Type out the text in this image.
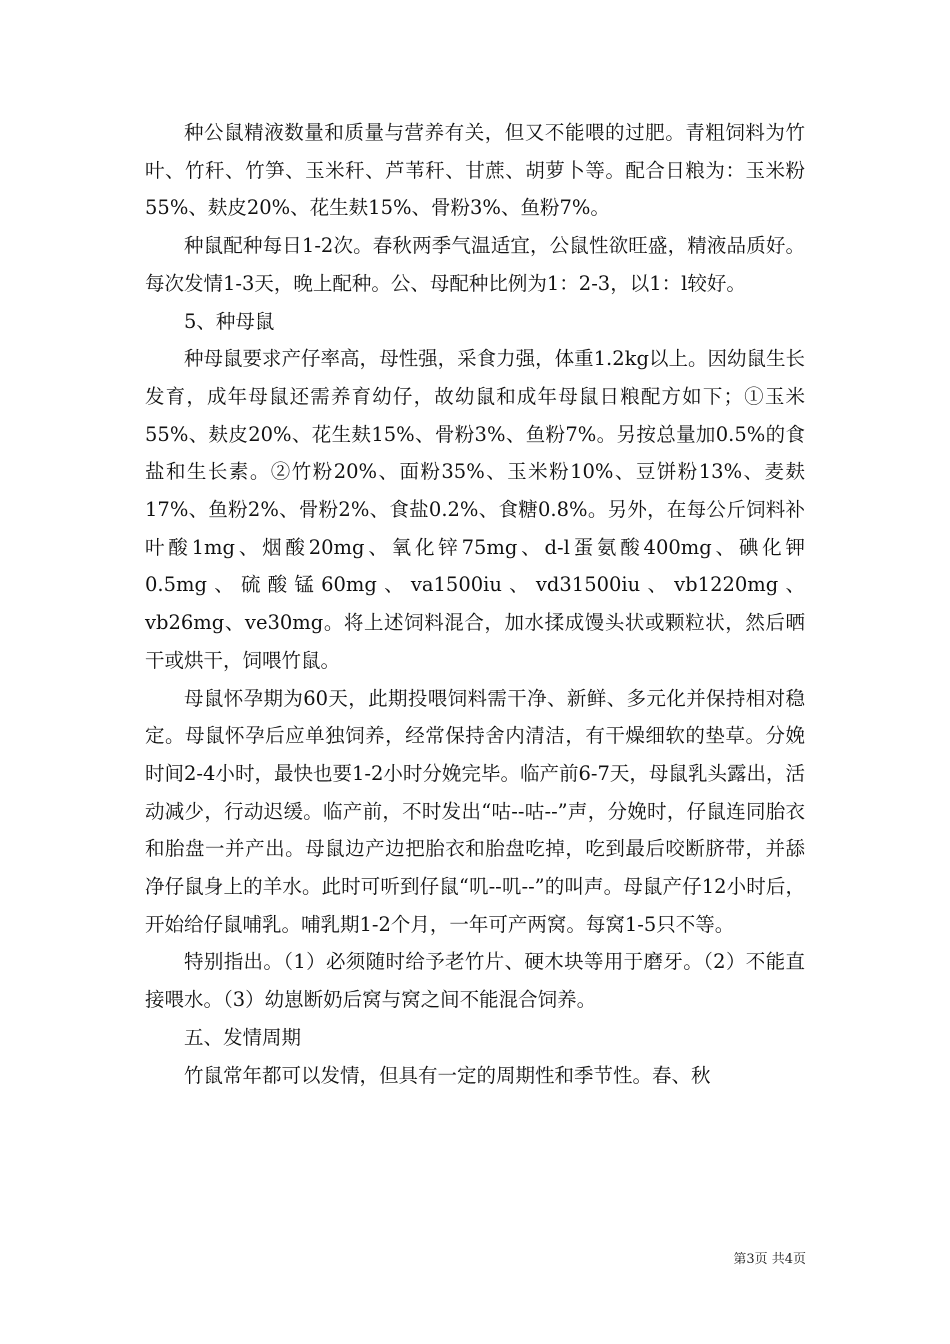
种公鼠精液数量和质量与营养有关，但又不能喂的过肥。青粗饲料为竹叶、竹秆、竹笋、玉米秆、芦苇秆、甘蔗、胡萝卜等。配合日粮为：玉米粉55%、麸皮20%、花生麸15%、骨粉3%、鱼粉7%。

种鼠配种每日1-2次。春秋两季气温适宜，公鼠性欲旺盛，精液品质好。每次发情1-3天，晚上配种。公、母配种比例为1：2-3，以1：l较好。

5、种母鼠

种母鼠要求产仔率高，母性强，采食力强，体重1.2kg以上。因幼鼠生长发育，成年母鼠还需养育幼仔，故幼鼠和成年母鼠日粮配方如下；①玉米55%、麸皮20%、花生麸15%、骨粉3%、鱼粉7%。另按总量加0.5%的食盐和生长素。②竹粉20%、面粉35%、玉米粉10%、豆饼粉13%、麦麸17%、鱼粉2%、骨粉2%、食盐0.2%、食糖0.8%。另外，在每公斤饲料补叶酸1mg、烟酸20mg、氧化锌75mg、d-l蛋氨酸400mg、碘化钾0.5mg、硫酸锰60mg、va1500iu、vd31500iu、vb1220mg、vb26mg、ve30mg。将上述饲料混合，加水揉成馒头状或颗粒状，然后晒干或烘干，饲喂竹鼠。

母鼠怀孕期为60天，此期投喂饲料需干净、新鲜、多元化并保持相对稳定。母鼠怀孕后应单独饲养，经常保持舍内清洁，有干燥细软的垫草。分娩时间2-4小时，最快也要1-2小时分娩完毕。临产前6-7天，母鼠乳头露出，活动减少，行动迟缓。临产前，不时发出“咕--咕--”声，分娩时，仔鼠连同胎衣和胎盘一并产出。母鼠边产边把胎衣和胎盘吃掉，吃到最后咬断脐带，并舔净仔鼠身上的羊水。此时可听到仔鼠“叽--叽--”的叫声。母鼠产仔12小时后，开始给仔鼠哺乳。哺乳期1-2个月，一年可产两窝。每窝1-5只不等。

特别指出。（1）必须随时给予老竹片、硬木块等用于磨牙。（2）不能直接喂水。（3）幼崽断奶后窝与窝之间不能混合饲养。

五、发情周期

竹鼠常年都可以发情，但具有一定的周期性和季节性。春、秋

第3页 共4页
